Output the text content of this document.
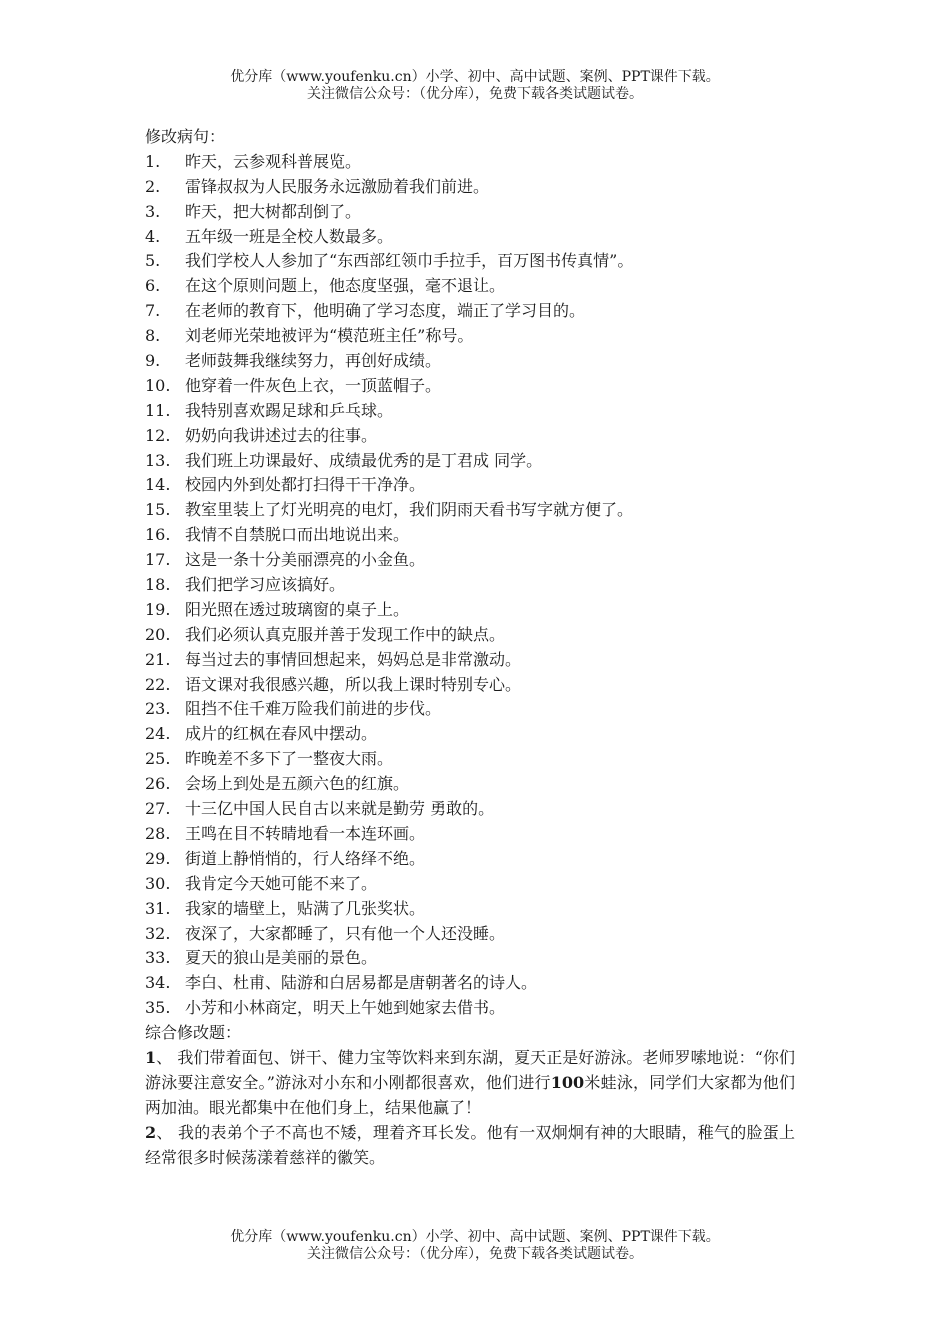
优分库（www.youfenku.cn）小学、初中、高中试题、案例、PPT课件下载。
关注微信公众号：（优分库），免费下载各类试题试卷。
修改病句：
1.	昨天，云参观科普展览。
2.	雷锋叔叔为人民服务永远激励着我们前进。
3.	昨天，把大树都刮倒了。
4.	五年级一班是全校人数最多。
5.	我们学校人人参加了“东西部红领巾手拉手，百万图书传真情”。
6.	在这个原则问题上，他态度坚强，毫不退让。
7.	在老师的教育下，他明确了学习态度，端正了学习目的。
8.	刘老师光荣地被评为“模范班主任”称号。
9.	老师鼓舞我继续努力，再创好成绩。
10. 他穿着一件灰色上衣，一顶蓝帽子。
11. 我特别喜欢踢足球和乒乓球。
12. 奶奶向我讲述过去的往事。
13. 我们班上功课最好、成绩最优秀的是丁君成 同学。
14. 校园内外到处都打扫得干干净净。
15. 教室里装上了灯光明亮的电灯，我们阴雨天看书写字就方便了。
16. 我情不自禁脱口而出地说出来。
17. 这是一条十分美丽漂亮的小金鱼。
18. 我们把学习应该搞好。
19. 阳光照在透过玻璃窗的桌子上。
20. 我们必须认真克服并善于发现工作中的缺点。
21. 每当过去的事情回想起来，妈妈总是非常激动。
22. 语文课对我很感兴趣，所以我上课时特别专心。
23. 阻挡不住千难万险我们前进的步伐。
24. 成片的红枫在春风中摆动。
25. 昨晚差不多下了一整夜大雨。
26. 会场上到处是五颜六色的红旗。
27. 十三亿中国人民自古以来就是勤劳 勇敢的。
28. 王鸣在目不转睛地看一本连环画。
29. 街道上静悄悄的，行人络绎不绝。
30. 我肯定今天她可能不来了。
31. 我家的墙壁上，贴满了几张奖状。
32. 夜深了，大家都睡了，只有他一个人还没睡。
33. 夏天的狼山是美丽的景色。
34. 李白、杜甫、陆游和白居易都是唐朝著名的诗人。
35. 小芳和小林商定，明天上午她到她家去借书。
综合修改题：

1、 我们带着面包、饼干、健力宝等饮料来到东湖，夏天正是好游泳。老师罗嗦地说：“你们游泳要注意安全。”游泳对小东和小刚都很喜欢，他们进行100米蛙泳，同学们大家都为他们两加油。眼光都集中在他们身上，结果他赢了！

2、 我的表弟个子不高也不矮，理着齐耳长发。他有一双炯炯有神的大眼睛，稚气的脸蛋上经常很多时候荡漾着慈祥的徽笑。

优分库（www.youfenku.cn）小学、初中、高中试题、案例、PPT课件下载。
关注微信公众号：（优分库），免费下载各类试题试卷。
